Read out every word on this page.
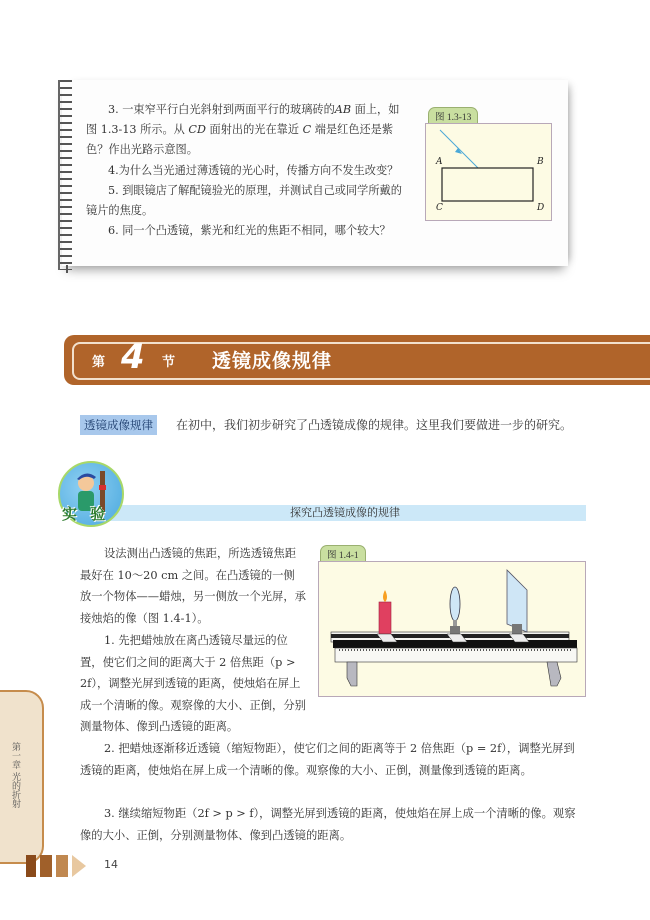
3. 一束窄平行白光斜射到两面平行的玻璃砖的AB 面上，如图 1.3-13 所示。从 CD 面射出的光在靠近 C 端是红色还是紫色？作出光路示意图。

4.为什么当光通过薄透镜的光心时，传播方向不发生改变？

5. 到眼镜店了解配镜验光的原理，并测试自己或同学所戴的镜片的焦度。

6. 同一个凸透镜，紫光和红光的焦距不相同，哪个较大？

图 1.3-13
A	B
C	D
第 4 节 透镜成像规律
透镜成像规律	在初中，我们初步研究了凸透镜成像的规律。这里我们要做进一步的研究。
探究凸透镜成像的规律
实 验

设法测出凸透镜的焦距，所选透镜焦距最好在 10～20 cm 之间。在凸透镜的一侧放一个物体——蜡烛，另一侧放一个光屏，承接烛焰的像（图 1.4-1）。

1. 先把蜡烛放在离凸透镜尽量远的位置，使它们之间的距离大于 2 倍焦距（p > 2f），调整光屏到透镜的距离，使烛焰在屏上成一个清晰的像。观察像的大小、正倒，分别测量物体、像到凸透镜的距离。

图 1.4-1

2. 把蜡烛逐渐移近透镜（缩短物距），使它们之间的距离等于 2 倍焦距（p = 2f），调整光屏到透镜的距离，使烛焰在屏上成一个清晰的像。观察像的大小、正倒，测量像到透镜的距离。

3. 继续缩短物距（2f > p > f），调整光屏到透镜的距离，使烛焰在屏上成一个清晰的像。观察像的大小、正倒，分别测量物体、像到凸透镜的距离。

第一章
光的折射
14
